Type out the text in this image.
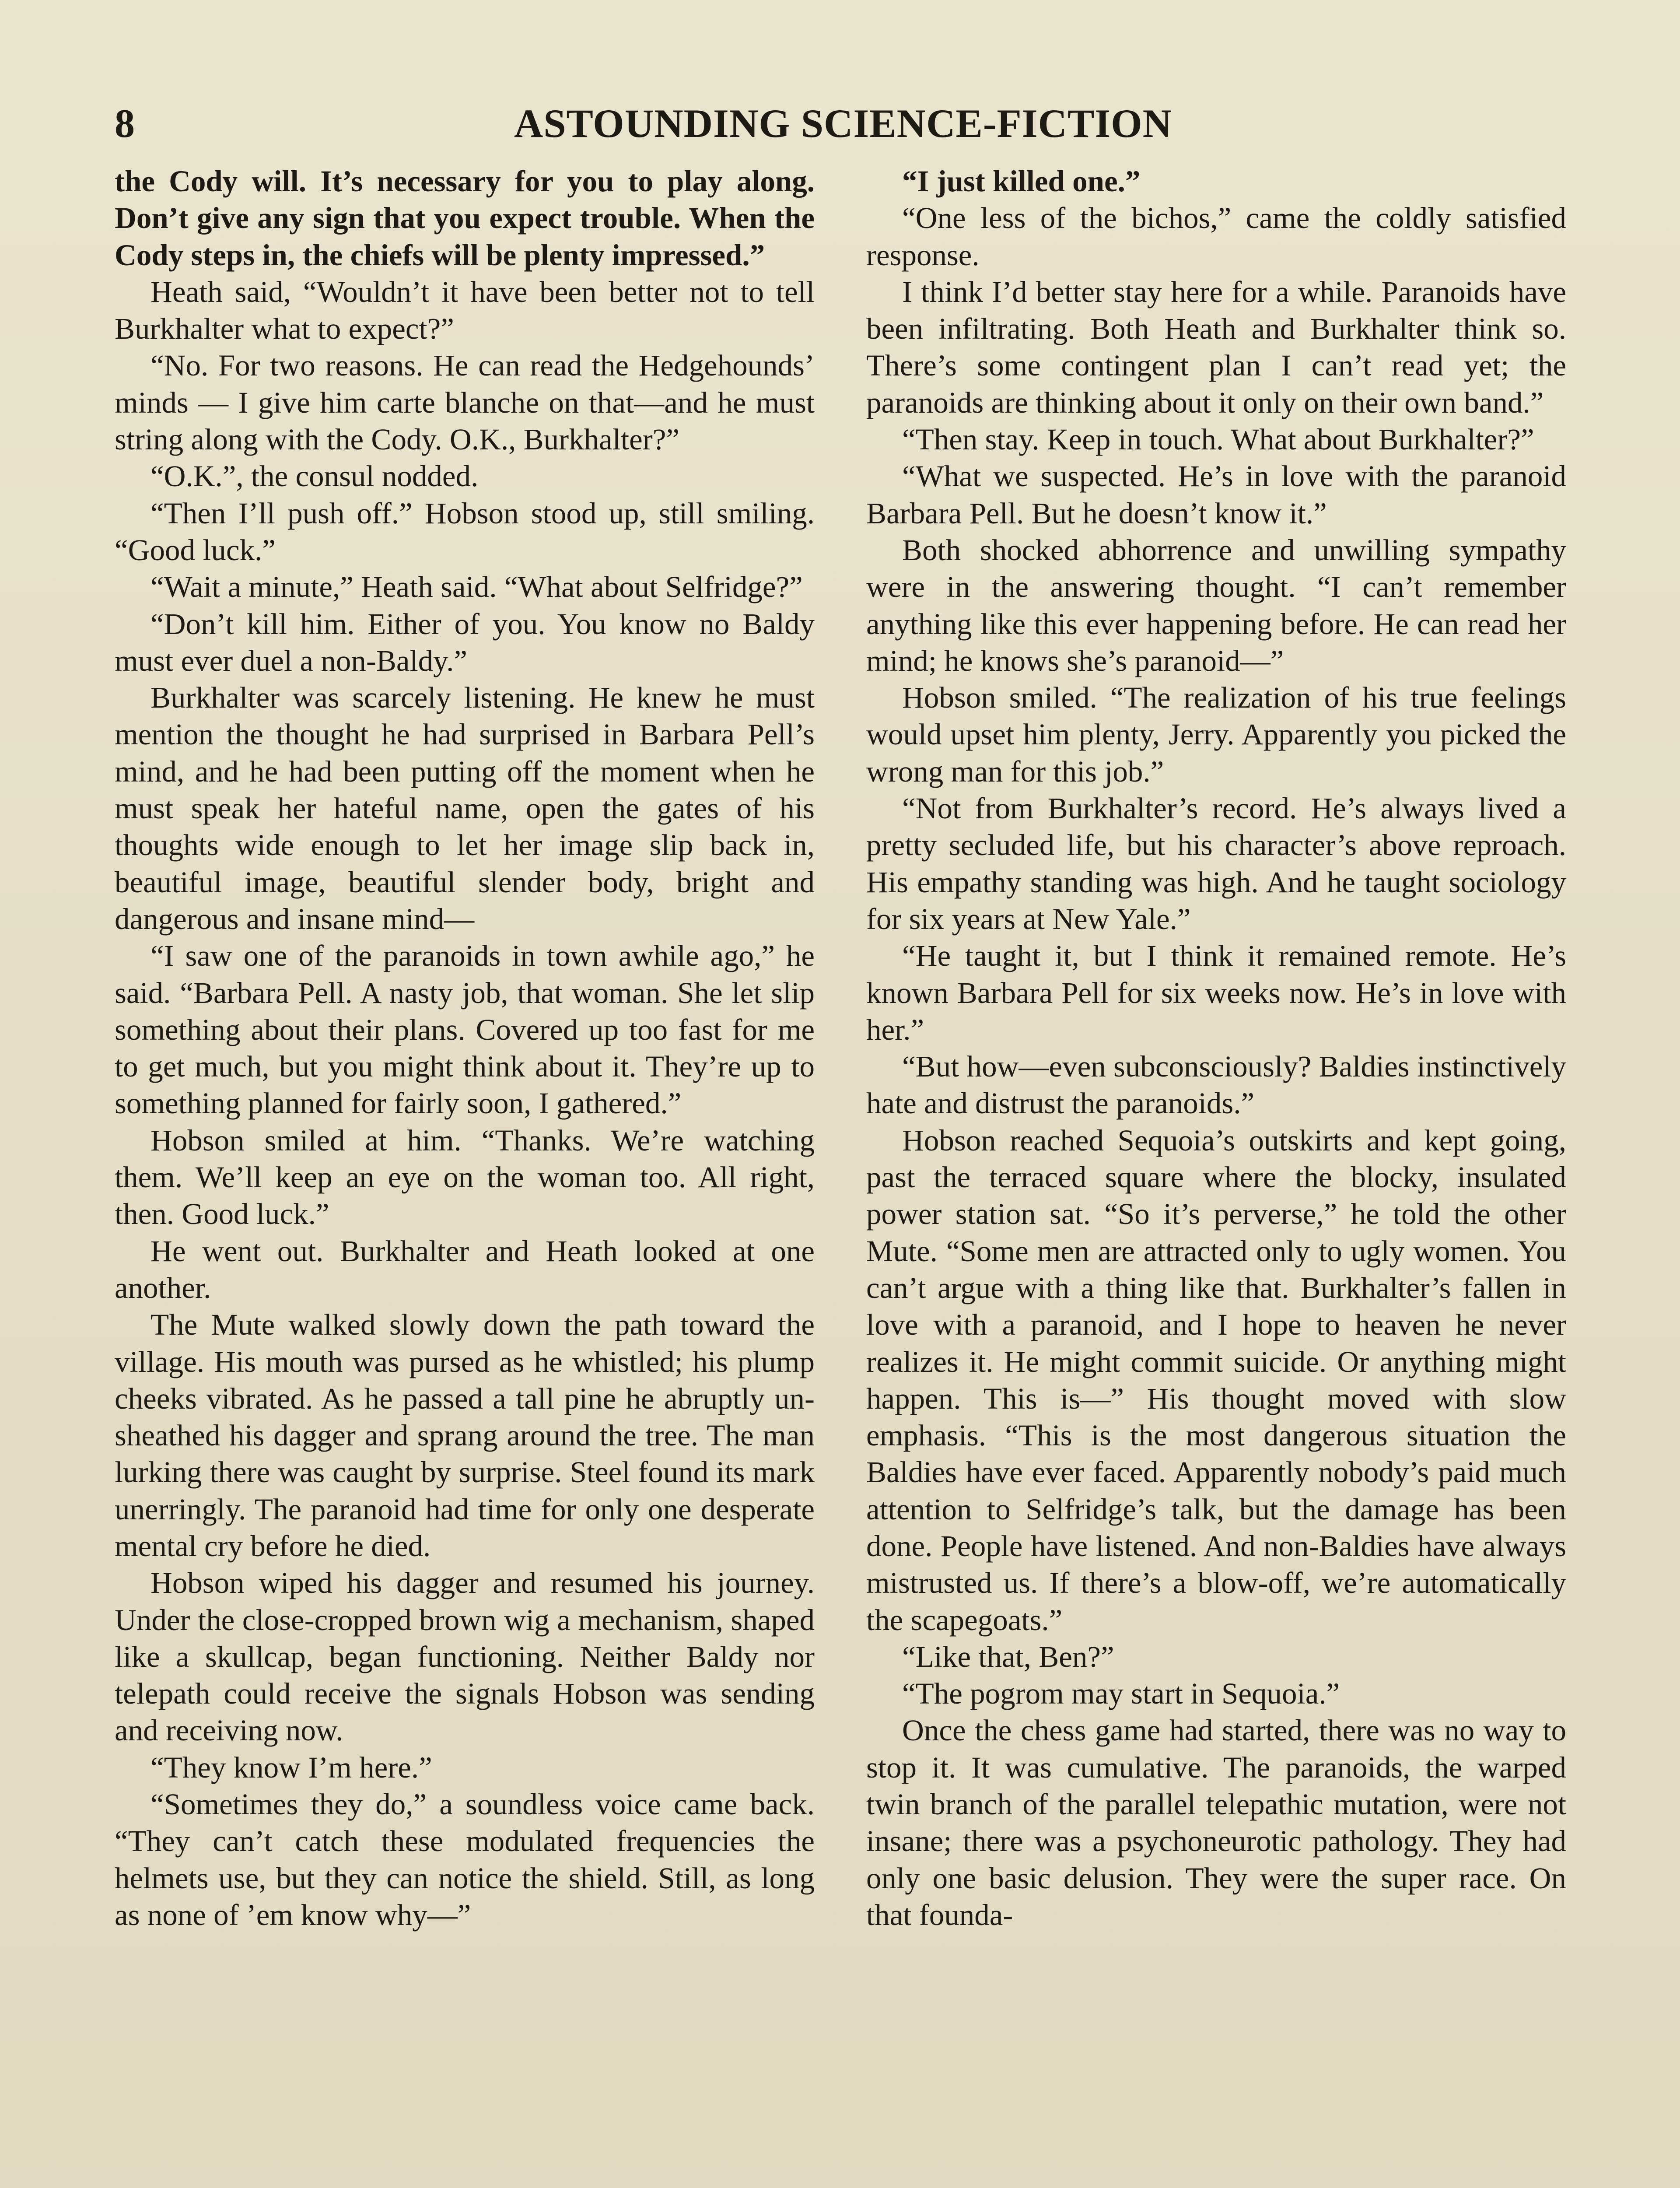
8	ASTOUNDING SCIENCE-FICTION

the Cody will. It’s necessary for you to play along. Don’t give any sign that you expect trouble. When the Cody steps in, the chiefs will be plenty impressed.”

Heath said, “Wouldn’t it have been better not to tell Burkhalter what to expect?”

“No. For two reasons. He can read the Hedgehounds’ minds — I give him carte blanche on that—and he must string along with the Cody. O.K., Burkhalter?”

“O.K.”, the consul nodded.

“Then I’ll push off.” Hobson stood up, still smiling. “Good luck.”

“Wait a minute,” Heath said. “What about Selfridge?”

“Don’t kill him. Either of you. You know no Baldy must ever duel a non-Baldy.”

Burkhalter was scarcely listening. He knew he must mention the thought he had surprised in Barbara Pell’s mind, and he had been putting off the moment when he must speak her hateful name, open the gates of his thoughts wide enough to let her image slip back in, beautiful image, beautiful slender body, bright and dangerous and insane mind—

“I saw one of the paranoids in town awhile ago,” he said. “Barbara Pell. A nasty job, that woman. She let slip something about their plans. Covered up too fast for me to get much, but you might think about it. They’re up to something planned for fairly soon, I gathered.”

Hobson smiled at him. “Thanks. We’re watching them. We’ll keep an eye on the woman too. All right, then. Good luck.”

He went out. Burkhalter and Heath looked at one another.

The Mute walked slowly down the path toward the village. His mouth was pursed as he whistled; his plump cheeks vibrated. As he passed a tall pine he abruptly unsheathed his dagger and sprang around the tree. The man lurking there was caught by surprise. Steel found its mark unerringly. The paranoid had time for only one desperate mental cry before he died.

Hobson wiped his dagger and resumed his journey. Under the close-cropped brown wig a mechanism, shaped like a skullcap, began functioning. Neither Baldy nor telepath could receive the signals Hobson was sending and receiving now.

“They know I’m here.”

“Sometimes they do,” a soundless voice came back. “They can’t catch these modulated frequencies the helmets use, but they can notice the shield. Still, as long as none of ’em know why—”

“I just killed one.”

“One less of the bichos,” came the coldly satisfied response.

I think I’d better stay here for a while. Paranoids have been infiltrating. Both Heath and Burkhalter think so. There’s some contingent plan I can’t read yet; the paranoids are thinking about it only on their own band.”

“Then stay. Keep in touch. What about Burkhalter?”

“What we suspected. He’s in love with the paranoid Barbara Pell. But he doesn’t know it.”

Both shocked abhorrence and unwilling sympathy were in the answering thought. “I can’t remember anything like this ever happening before. He can read her mind; he knows she’s paranoid—”

Hobson smiled. “The realization of his true feelings would upset him plenty, Jerry. Apparently you picked the wrong man for this job.”

“Not from Burkhalter’s record. He’s always lived a pretty secluded life, but his character’s above reproach. His empathy standing was high. And he taught sociology for six years at New Yale.”

“He taught it, but I think it remained remote. He’s known Barbara Pell for six weeks now. He’s in love with her.”

“But how—even subconsciously? Baldies instinctively hate and distrust the paranoids.”

Hobson reached Sequoia’s outskirts and kept going, past the terraced square where the blocky, insulated power station sat. “So it’s perverse,” he told the other Mute. “Some men are attracted only to ugly women. You can’t argue with a thing like that. Burkhalter’s fallen in love with a paranoid, and I hope to heaven he never realizes it. He might commit suicide. Or anything might happen. This is—” His thought moved with slow emphasis. “This is the most dangerous situation the Baldies have ever faced. Apparently nobody’s paid much attention to Selfridge’s talk, but the damage has been done. People have listened. And non-Baldies have always mistrusted us. If there’s a blow-off, we’re automatically the scapegoats.”

“Like that, Ben?”

“The pogrom may start in Sequoia.”

Once the chess game had started, there was no way to stop it. It was cumulative. The paranoids, the warped twin branch of the parallel telepathic mutation, were not insane; there was a psychoneurotic pathology. They had only one basic delusion. They were the super race. On that founda-
